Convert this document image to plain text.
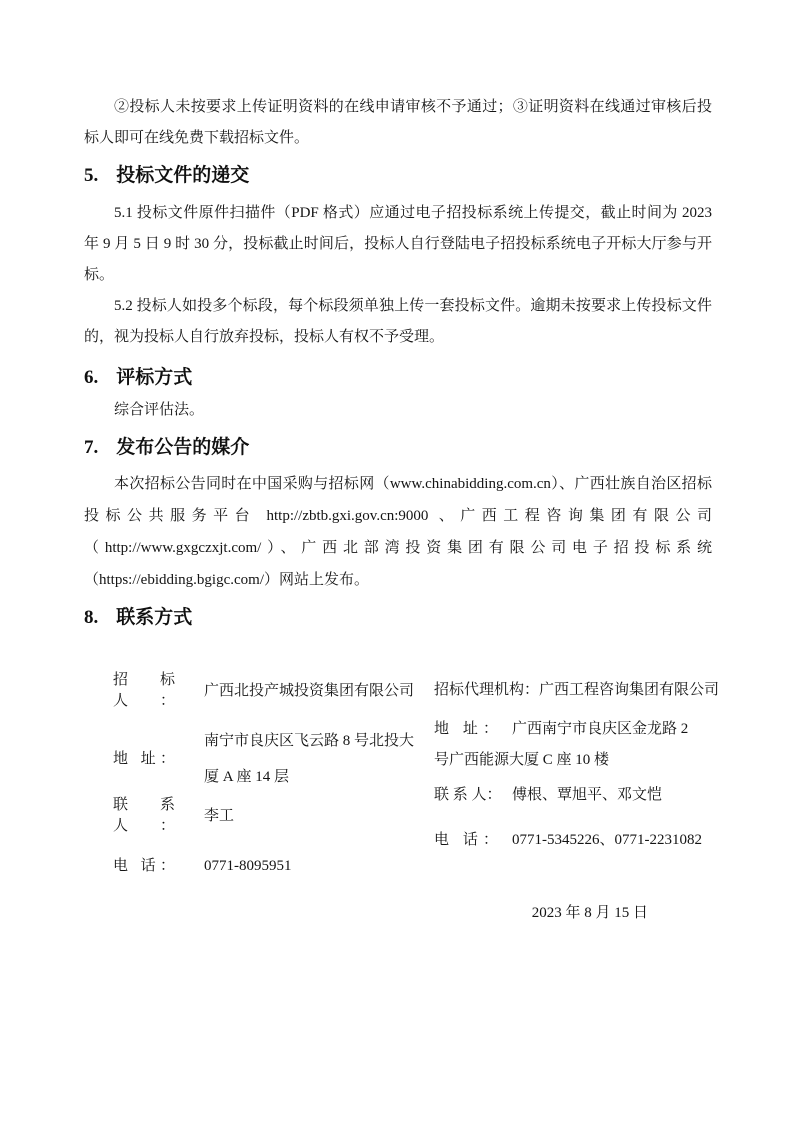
②投标人未按要求上传证明资料的在线申请审核不予通过；③证明资料在线通过审核后投标人即可在线免费下载招标文件。

5. 投标文件的递交

5.1 投标文件原件扫描件（PDF 格式）应通过电子招投标系统上传提交，截止时间为 2023 年 9 月 5 日 9 时 30 分，投标截止时间后，投标人自行登陆电子招投标系统电子开标大厅参与开标。

5.2 投标人如投多个标段，每个标段须单独上传一套投标文件。逾期未按要求上传投标文件的，视为投标人自行放弃投标，投标人有权不予受理。

6. 评标方式

综合评估法。

7. 发布公告的媒介

本次招标公告同时在中国采购与招标网（www.chinabidding.com.cn）、广西壮族自治区招标投标公共服务平台 http://zbtb.gxi.gov.cn:9000 、广西工程咨询集团有限公司（http://www.gxgczxjt.com/）、广西北部湾投资集团有限公司电子招投标系统（https://ebidding.bgigc.com/）网站上发布。

8. 联系方式
招 标 人：
广西北投产城投资集团有限公司
地 址：
南宁市良庆区飞云路 8 号北投大厦 A 座 14 层
联 系 人：
李工
电 话： 0771-8095951

招标代理机构：广西工程咨询集团有限公司

地 址： 广西南宁市良庆区金龙路 2 号广西能源大厦 C 座 10 楼

联 系 人： 傅根、覃旭平、邓文恺

电 话： 0771-5345226、0771-2231082

2023 年 8 月 15 日
